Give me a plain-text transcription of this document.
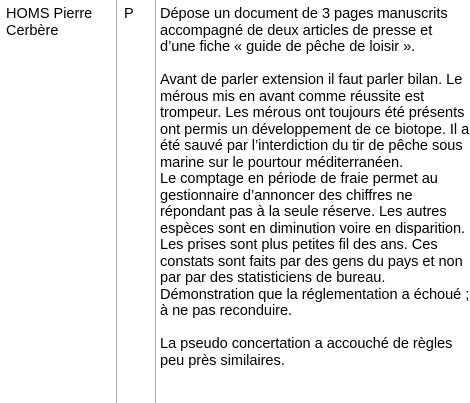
HOMS Pierre Cerbère
P	Dépose un document de 3 pages manuscrits accompagné de deux articles de presse et d’une fiche « guide de pêche de loisir ».

Avant de parler extension il faut parler bilan. Le mérous mis en avant comme réussite est trompeur. Les mérous ont toujours été présents ont permis un développement de ce biotope. Il a été sauvé par l’interdiction du tir de pêche sous marine sur le pourtour méditerranéen.

Le comptage en période de fraie permet au gestionnaire d’annoncer des chiffres ne répondant pas à la seule réserve. Les autres espèces sont en diminution voire en disparition.

Les prises sont plus petites fil des ans. Ces constats sont faits par des gens du pays et non par par des statisticiens de bureau.

Démonstration que la réglementation a échoué ; à ne pas reconduire.

La pseudo concertation a accouché de règles peu près similaires.
